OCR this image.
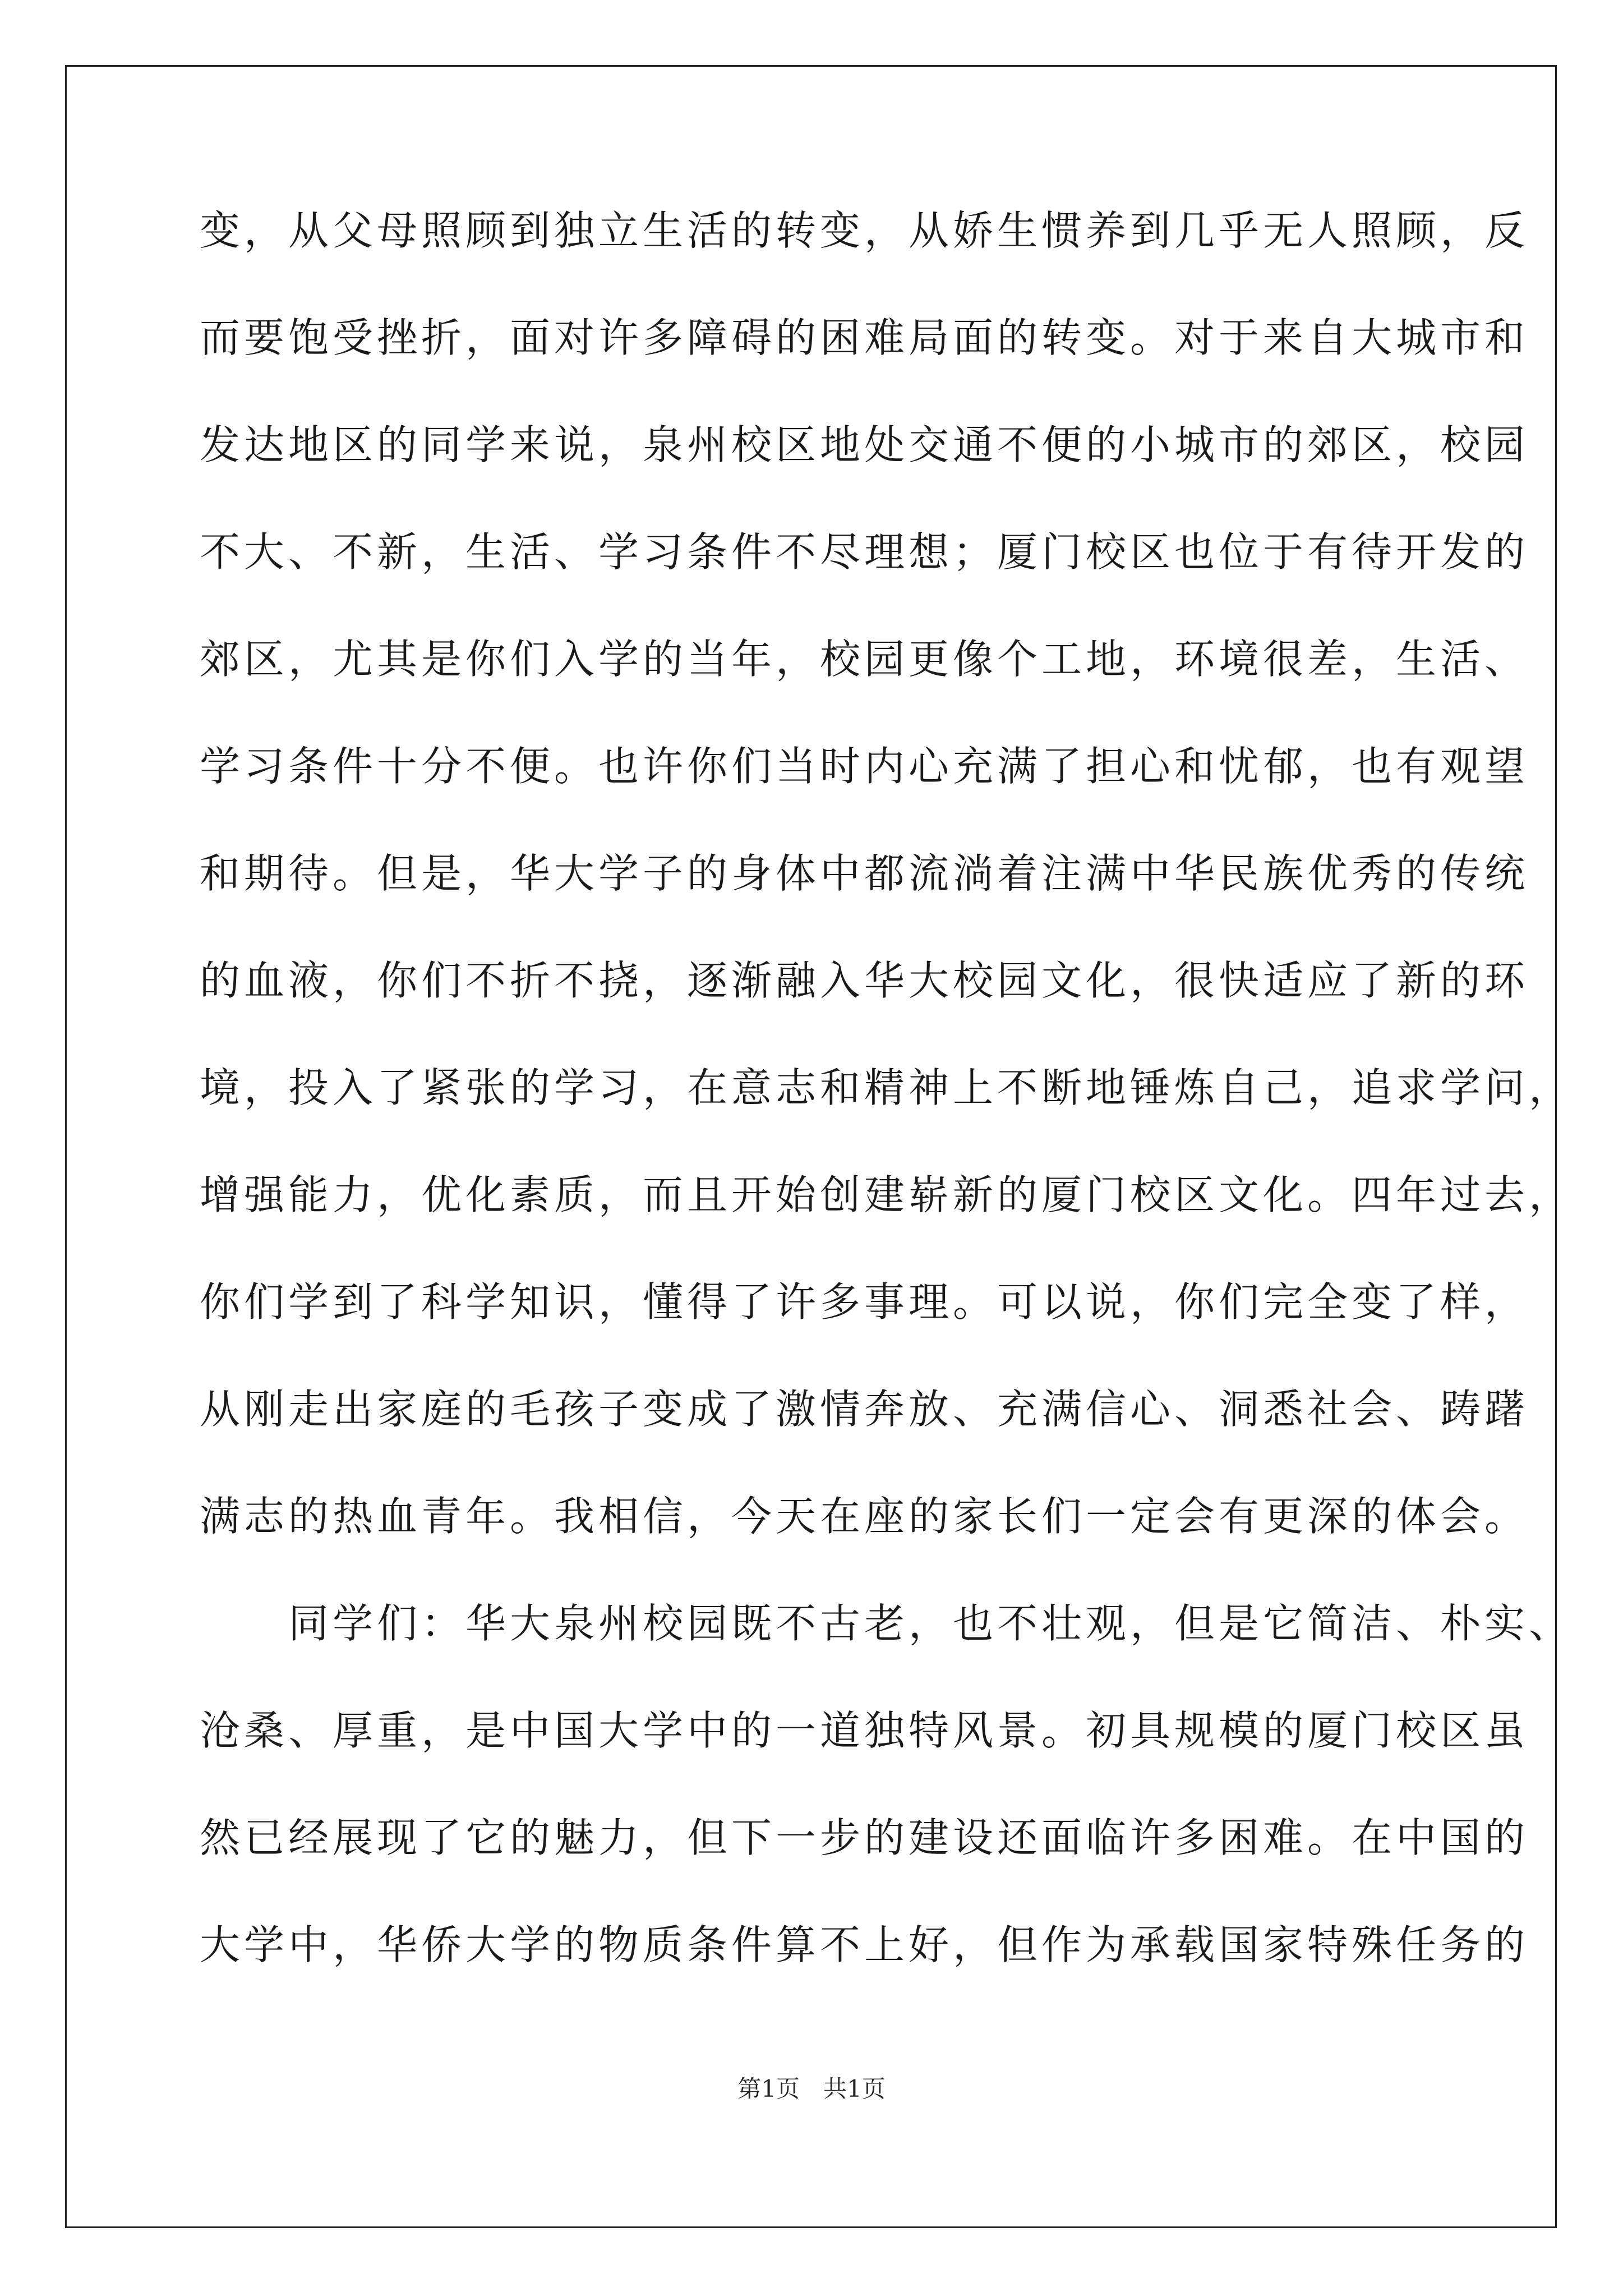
变，从父母照顾到独立生活的转变，从娇生惯养到几乎无人照顾，反
而要饱受挫折，面对许多障碍的困难局面的转变。对于来自大城市和
发达地区的同学来说，泉州校区地处交通不便的小城市的郊区，校园
不大、不新，生活、学习条件不尽理想；厦门校区也位于有待开发的
郊区，尤其是你们入学的当年，校园更像个工地，环境很差，生活、
学习条件十分不便。也许你们当时内心充满了担心和忧郁，也有观望
和期待。但是，华大学子的身体中都流淌着注满中华民族优秀的传统
的血液，你们不折不挠，逐渐融入华大校园文化，很快适应了新的环
境，投入了紧张的学习，在意志和精神上不断地锤炼自己，追求学问，
增强能力，优化素质，而且开始创建崭新的厦门校区文化。四年过去，
你们学到了科学知识，懂得了许多事理。可以说，你们完全变了样，
从刚走出家庭的毛孩子变成了激情奔放、充满信心、洞悉社会、踌躇
满志的热血青年。我相信，今天在座的家长们一定会有更深的体会。
　　同学们：华大泉州校园既不古老，也不壮观，但是它简洁、朴实、
沧桑、厚重，是中国大学中的一道独特风景。初具规模的厦门校区虽
然已经展现了它的魅力，但下一步的建设还面临许多困难。在中国的
大学中，华侨大学的物质条件算不上好，但作为承载国家特殊任务的
第1页　共1页
